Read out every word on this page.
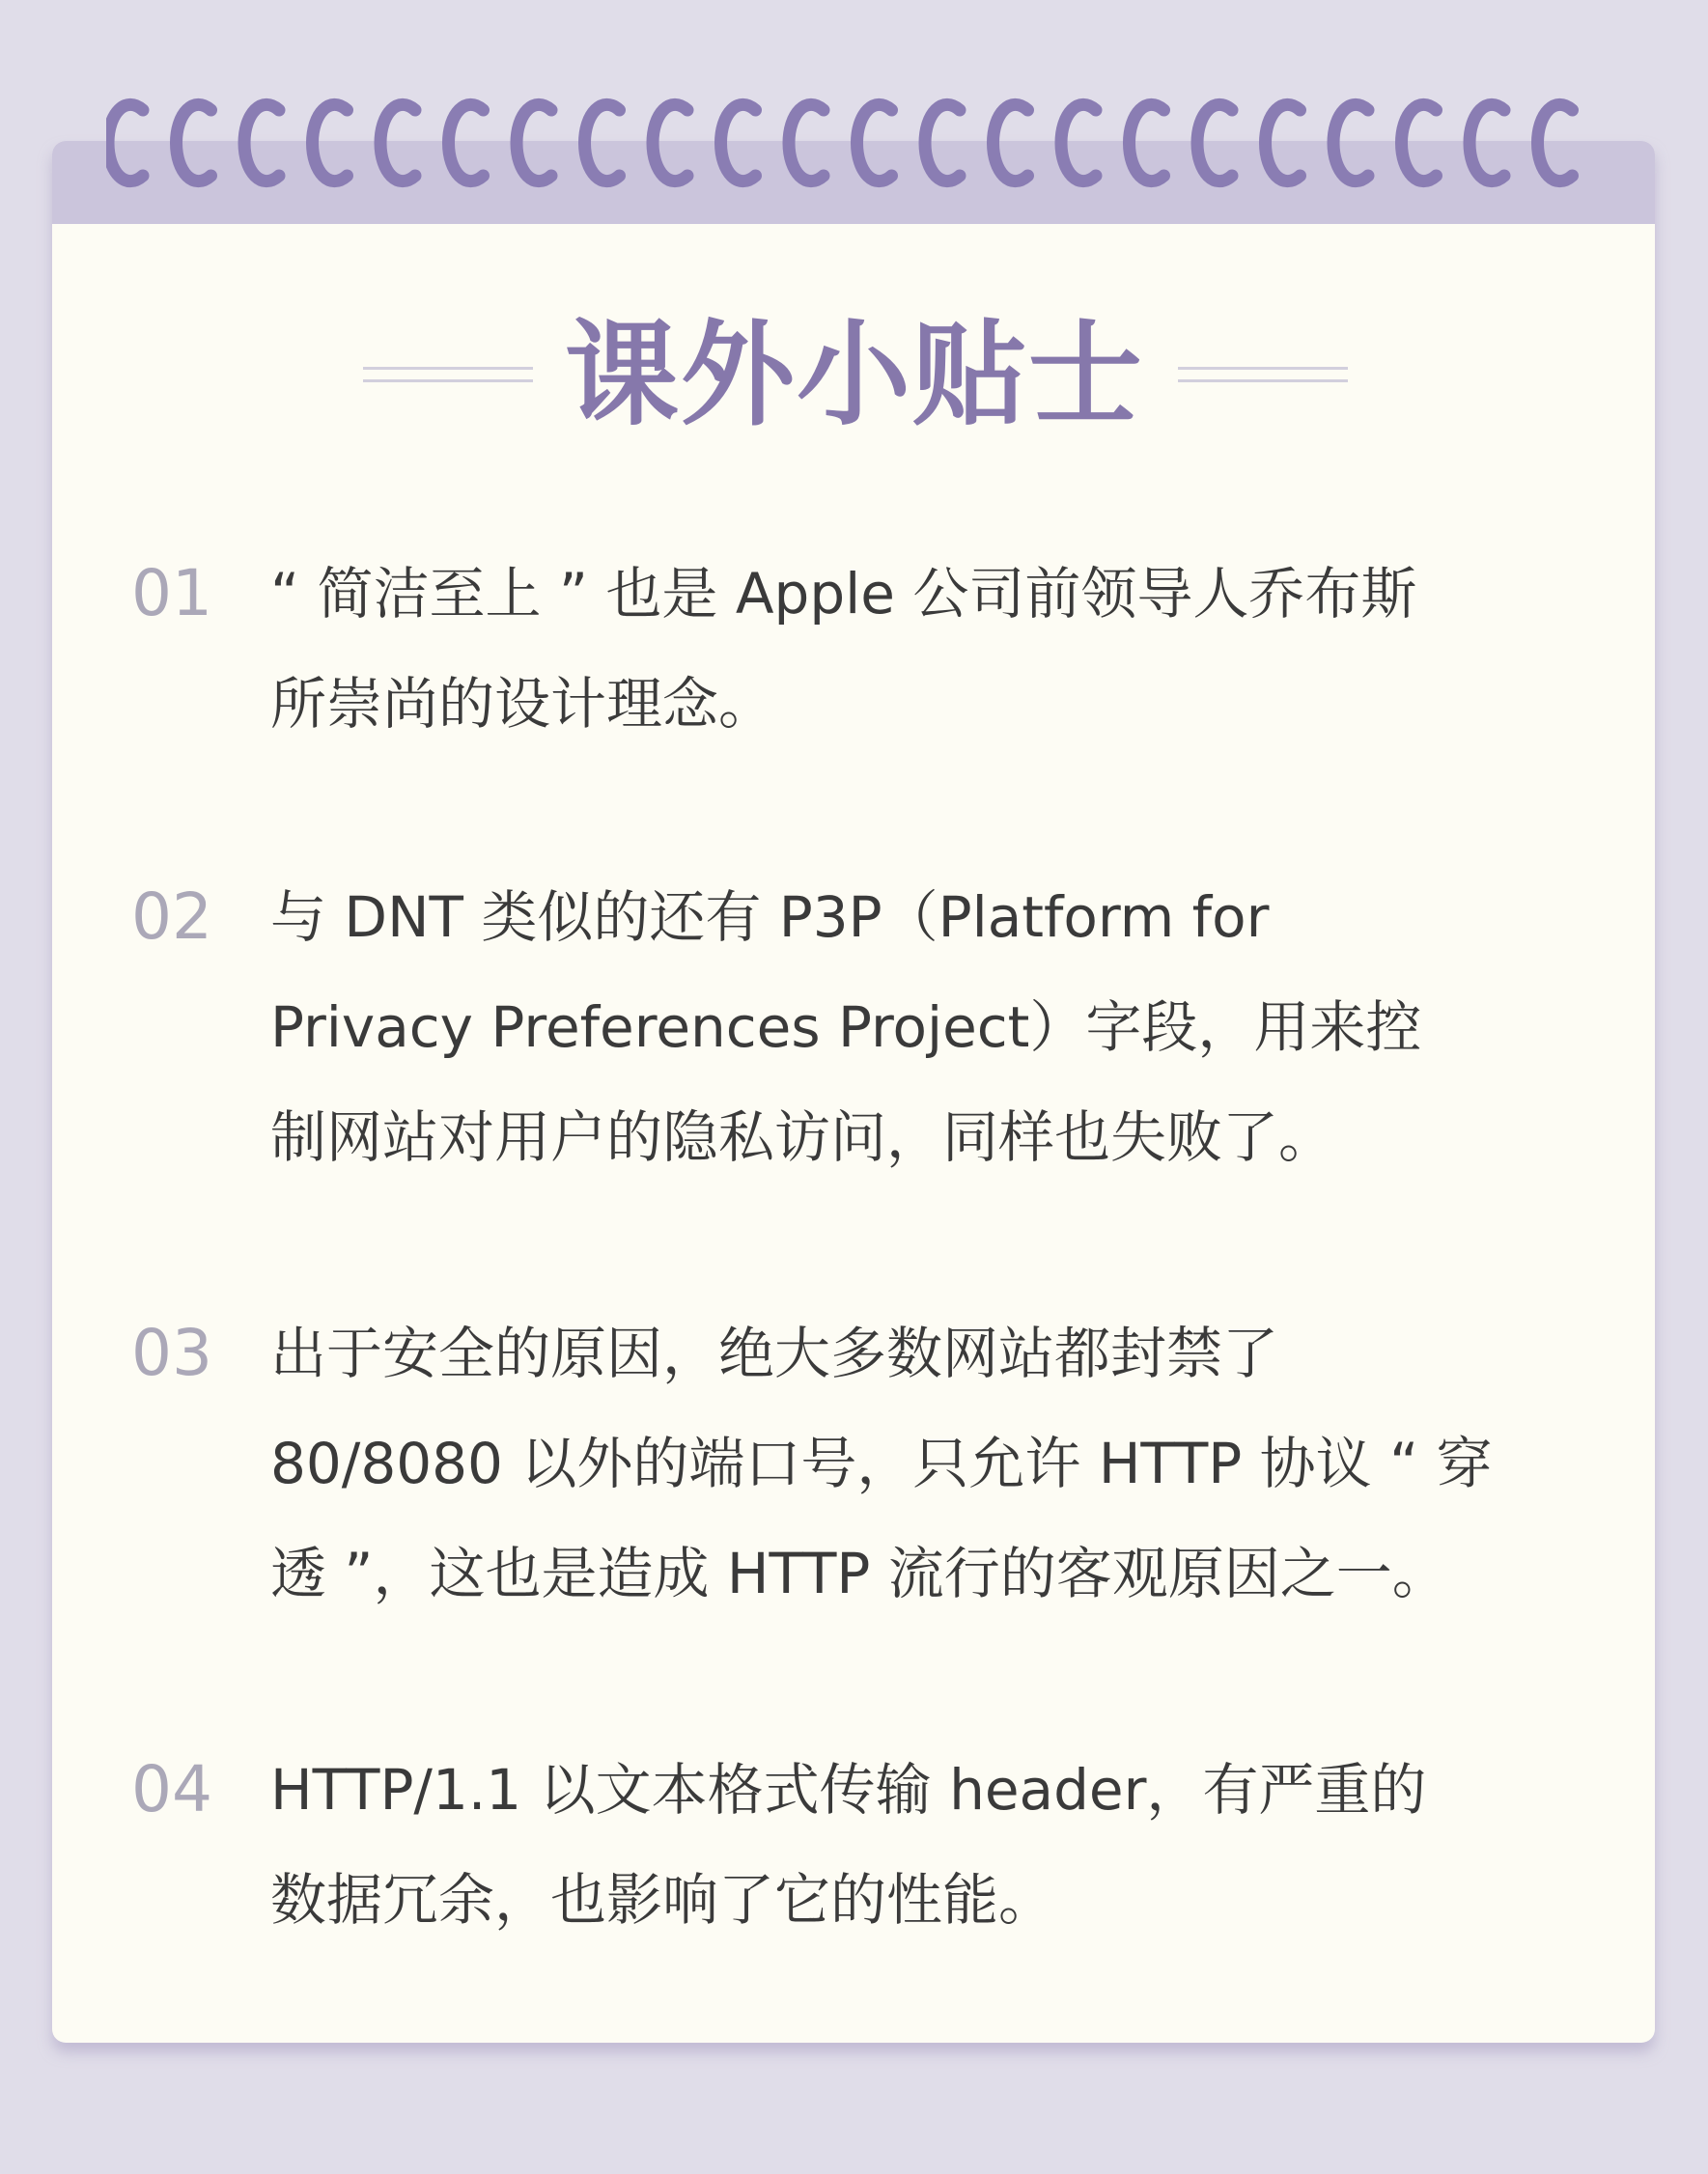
课外小贴士
01 “ 简洁至上 ” 也是 Apple 公司前领导人乔布斯
所崇尚的设计理念。
02 与 DNT 类似的还有 P3P（Platform for
Privacy Preferences Project）字段，用来控
制网站对用户的隐私访问，同样也失败了。
03 出于安全的原因，绝大多数网站都封禁了
80/8080 以外的端口号，只允许 HTTP 协议 “ 穿
透 ”，这也是造成 HTTP 流行的客观原因之一。
04 HTTP/1.1 以文本格式传输 header，有严重的
数据冗余，也影响了它的性能。
